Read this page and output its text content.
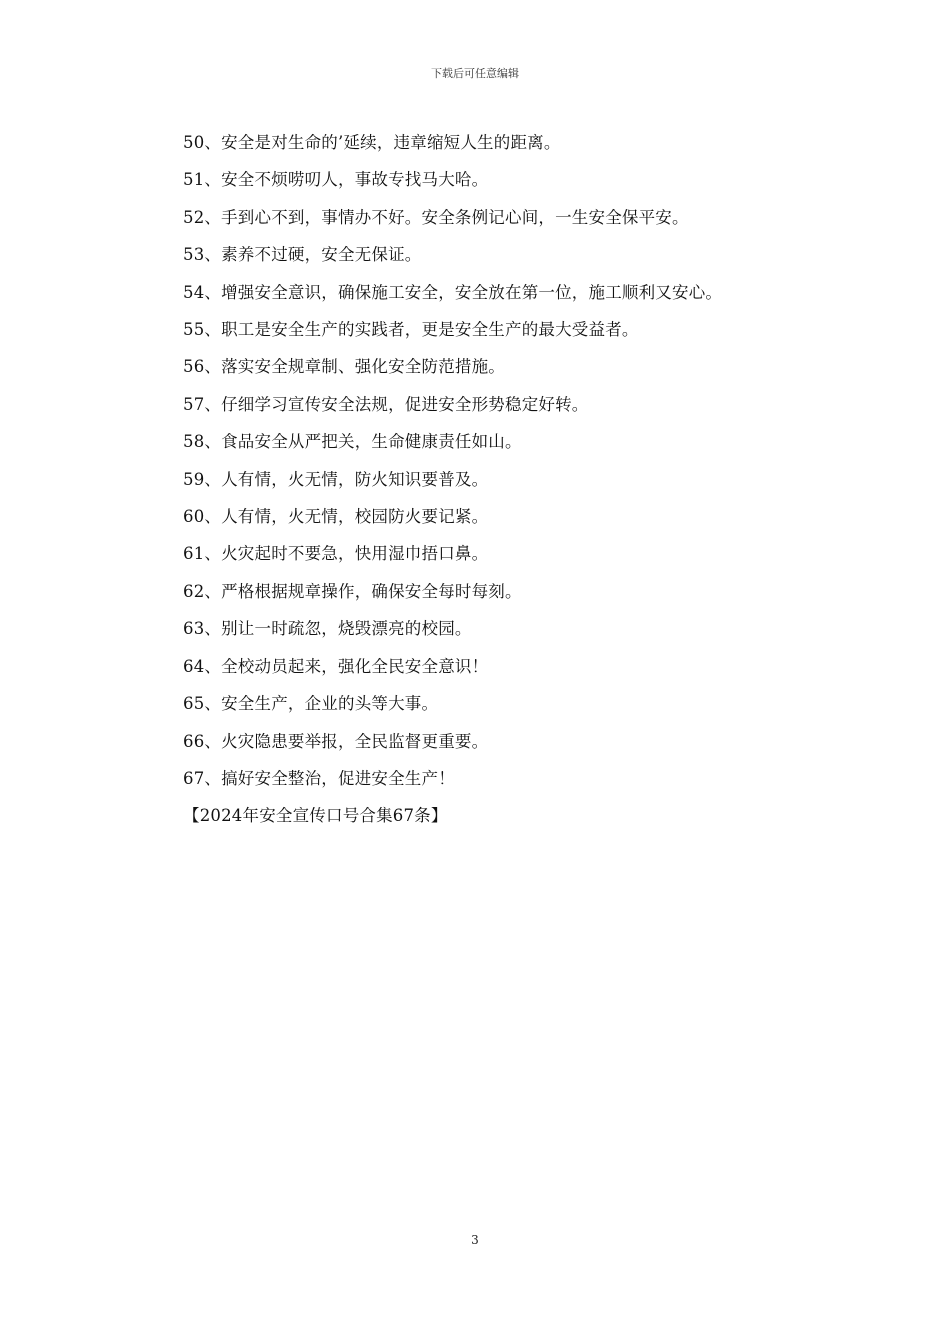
下载后可任意编辑
50、安全是对生命的’延续，违章缩短人生的距离。
51、安全不烦唠叨人，事故专找马大哈。
52、手到心不到，事情办不好。安全条例记心间，一生安全保平安。
53、素养不过硬，安全无保证。
54、增强安全意识，确保施工安全，安全放在第一位，施工顺利又安心。
55、职工是安全生产的实践者，更是安全生产的最大受益者。
56、落实安全规章制、强化安全防范措施。
57、仔细学习宣传安全法规，促进安全形势稳定好转。
58、食品安全从严把关，生命健康责任如山。
59、人有情，火无情，防火知识要普及。
60、人有情，火无情，校园防火要记紧。
61、火灾起时不要急，快用湿巾捂口鼻。
62、严格根据规章操作，确保安全每时每刻。
63、别让一时疏忽，烧毁漂亮的校园。
64、全校动员起来，强化全民安全意识！
65、安全生产，企业的头等大事。
66、火灾隐患要举报，全民监督更重要。
67、搞好安全整治，促进安全生产！
【2024年安全宣传口号合集67条】
3
